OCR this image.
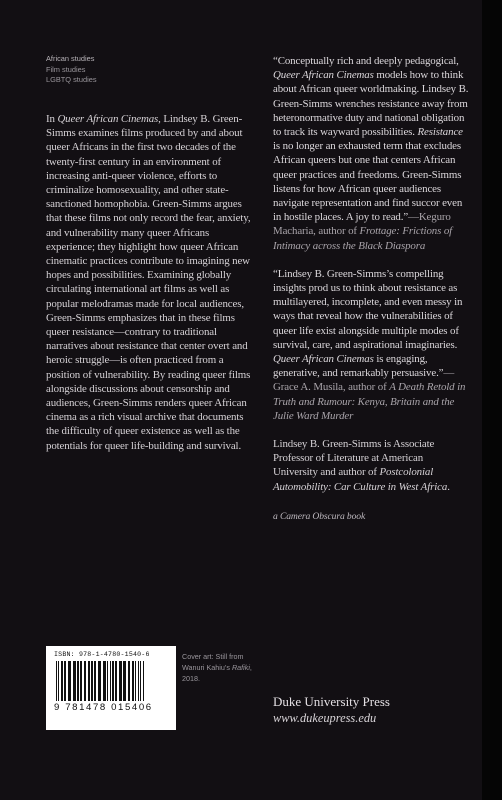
African studies
Film studies
LGBTQ studies

In Queer African Cinemas, Lindsey B. Green-Simms examines films produced by and about queer Africans in the first two decades of the twenty-first century in an environment of increasing anti-queer violence, efforts to criminalize homosexuality, and other state-sanctioned homophobia. Green-Simms argues that these films not only record the fear, anxiety, and vulnerability many queer Africans experience; they highlight how queer African cinematic practices contribute to imagining new hopes and possibilities. Examining globally circulating international art films as well as popular melodramas made for local audiences, Green-Simms emphasizes that in these films queer resistance—contrary to traditional narratives about resistance that center overt and heroic struggle—is often practiced from a position of vulnerability. By reading queer films alongside discussions about censorship and audiences, Green-Simms renders queer African cinema as a rich visual archive that documents the difficulty of queer existence as well as the potentials for queer life-building and survival.

“Conceptually rich and deeply pedagogical, Queer African Cinemas models how to think about African queer worldmaking. Lindsey B. Green-Simms wrenches resistance away from heteronormative duty and national obligation to track its wayward possibilities. Resistance is no longer an exhausted term that excludes African queers but one that centers African queer practices and freedoms. Green-Simms listens for how African queer audiences navigate representation and find succor even in hostile places. A joy to read.”—Keguro Macharia, author of Frottage: Frictions of Intimacy across the Black Diaspora

“Lindsey B. Green-Simms’s compelling insights prod us to think about resistance as multilayered, incomplete, and even messy in ways that reveal how the vulnerabilities of queer life exist alongside multiple modes of survival, care, and aspirational imaginaries. Queer African Cinemas is engaging, generative, and remarkably persuasive.”—Grace A. Musila, author of A Death Retold in Truth and Rumour: Kenya, Britain and the Julie Ward Murder

Lindsey B. Green-Simms is Associate Professor of Literature at American University and author of Postcolonial Automobility: Car Culture in West Africa.

a Camera Obscura book

ISBN: 978-1-4780-1540-6
9 781478 015406
Cover art: Still from Wanuri Kahiu’s Rafiki, 2018.
Duke University Press
www.dukeupress.edu
